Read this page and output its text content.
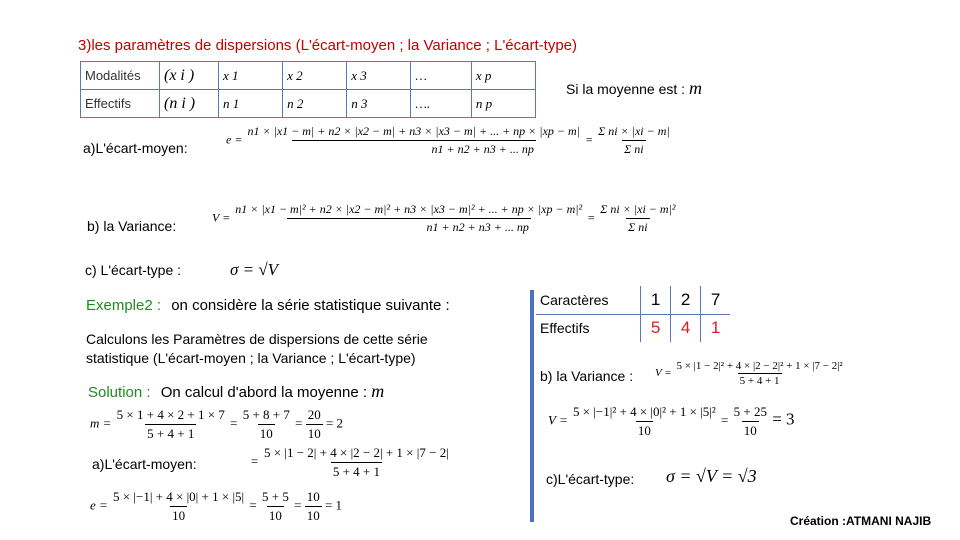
3)les paramètres de dispersions (L'écart-moyen ; la Variance ; L'écart-type)
Modalités	(x i )	x 1	x 2	x 3	…	x p
Effectifs	(n i )	n 1	n 2	n 3	….	n p
Si la moyenne est : m
a)L'écart-moyen:
e =
n1 × |x1 − m| + n2 × |x2 − m| + n3 × |x3 − m| + ... + np × |xp − m|
n1 + n2 + n3 + ... np
= $\frac{\text{Σ ni × |xi − m|}}{\text{Σ ni}}$
b) la Variance:
V =
n1 × |x1 − m|² + n2 × |x2 − m|² + n3 × |x3 − m|² + ... + np × |xp − m|²
n1 + n2 + n3 + ... np
= $\frac{\text{Σ ni × |xi − m|²}}{\text{Σ ni}}$
c) L'écart-type :	σ = √V
Exemple2 : on considère la série statistique suivante :
Calculons les Paramètres de dispersions de cette série
statistique (L'écart-moyen ; la Variance ; L'écart-type)
Solution : On calcul d'abord la moyenne : m
$m = \frac{5 \times 1 + 4 \times 2 + 1 \times 7}{5 + 4 + 1} = \frac{5 + 8 + 7}{10} = \frac{20}{10} = 2$
a)L'écart-moyen:	= $\frac{5 \times |1 - 2| + 4 \times |2 - 2| + 1 \times |7 - 2|}{5 + 4 + 1}$
$e = \frac{5 \times |-1| + 4 \times |0| + 1 \times |5|}{10} = \frac{5 + 5}{10} = \frac{10}{10} = 1$
Caractères	1	2	7
Effectifs	5	4	1
b) la Variance : $V = \frac{\text{5 × |1 − 2|² + 4 × |2 − 2|² + 1 × |7 − 2|²}}{5 + 4 + 1}$
$V = \frac{\text{5 × |−1|² + 4 × |0|² + 1 × |5|²}}{10} = \frac{5 + 25}{10} = 3$
c)L'écart-type: σ = √V = √3
Création :ATMANI NAJIB
